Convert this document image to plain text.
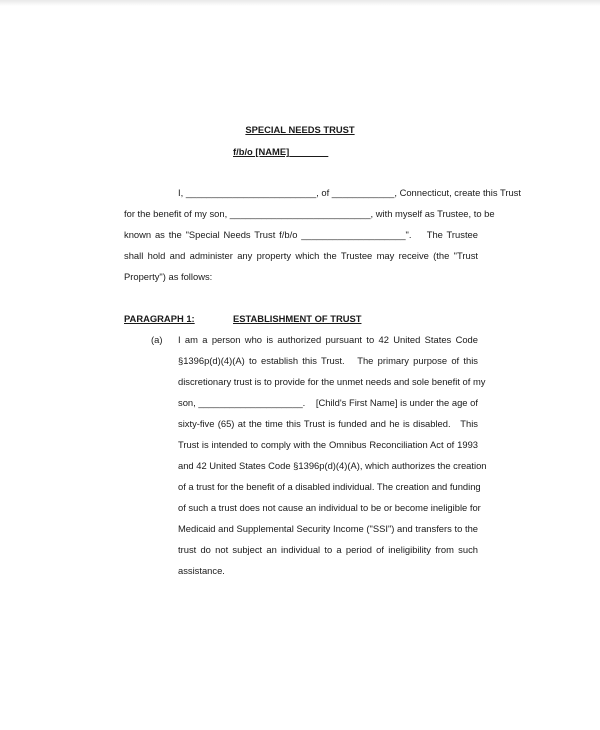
SPECIAL NEEDS TRUST
f/b/o [NAME]
I, _________________________, of ____________, Connecticut, create this Trust
for the benefit of my son, ___________________________, with myself as Trustee, to be
known as the "Special Needs Trust f/b/o ____________________".    The Trustee
shall hold and administer any property which the Trustee may receive (the "Trust
Property") as follows:
PARAGRAPH 1:	ESTABLISHMENT OF TRUST
(a) I am a person who is authorized pursuant to 42 United States Code
§1396p(d)(4)(A) to establish this Trust.   The primary purpose of this
discretionary trust is to provide for the unmet needs and sole benefit of my
son, ____________________.    [Child's First Name] is under the age of
sixty-five (65) at the time this Trust is funded and he is disabled.   This
Trust is intended to comply with the Omnibus Reconciliation Act of 1993
and 42 United States Code §1396p(d)(4)(A), which authorizes the creation
of a trust for the benefit of a disabled individual. The creation and funding
of such a trust does not cause an individual to be or become ineligible for
Medicaid and Supplemental Security Income ("SSI") and transfers to the
trust do not subject an individual to a period of ineligibility from such
assistance.
